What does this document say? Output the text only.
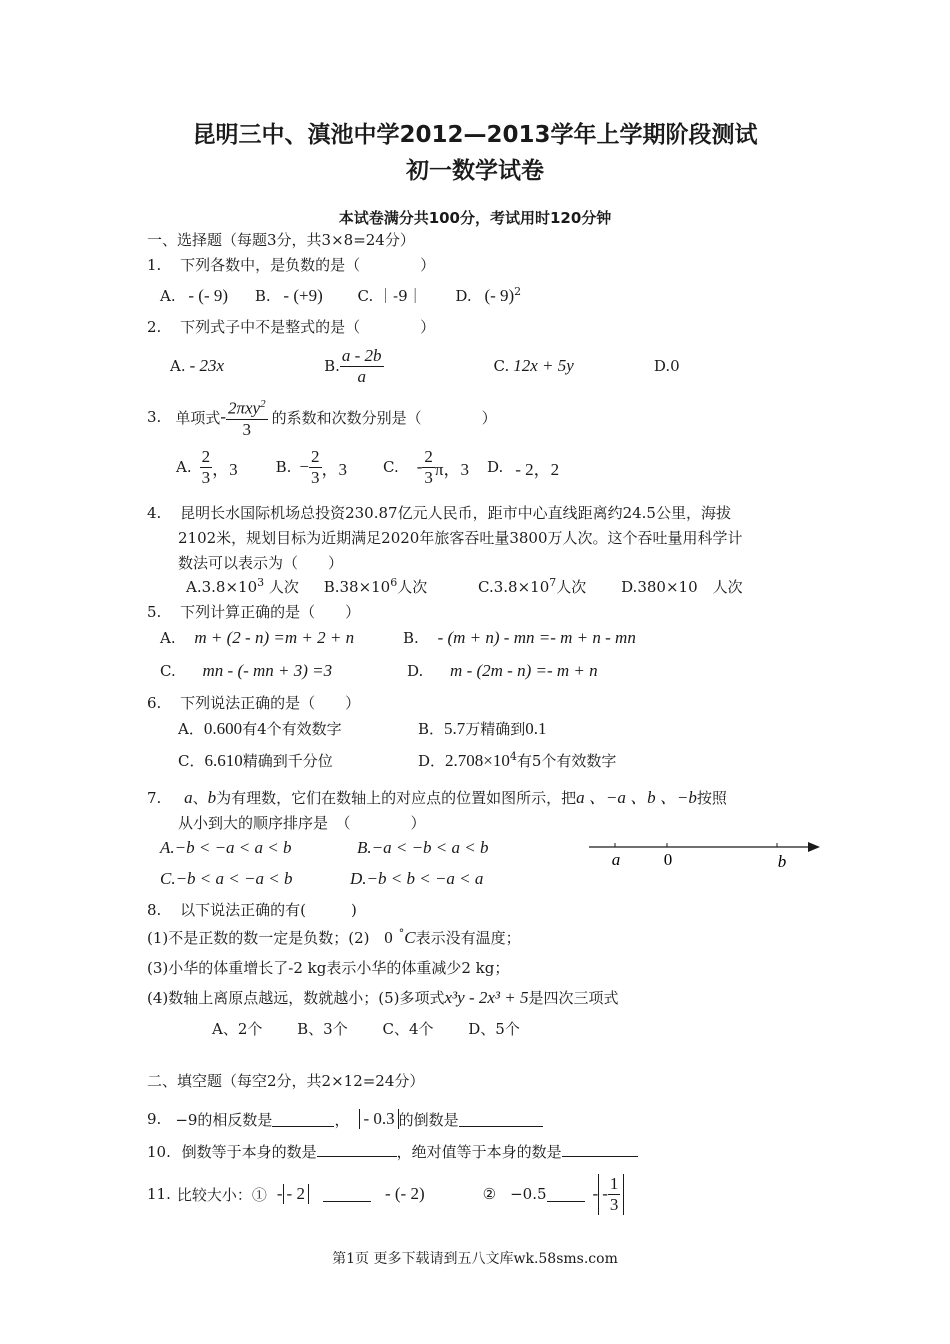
昆明三中、滇池中学2012—2013学年上学期阶段测试
初一数学试卷
本试卷满分共100分，考试用时120分钟
一、选择题（每题3分，共3×8=24分）
1. 下列各数中，是负数的是（　　　　）
A. - (- 9) B. - (+9) C. ｜-9｜ D. (- 9)$^2$
2. 下列式子中不是整式的是（　　　　）
A. - 23x	B. $\frac{a - 2b}{a}$	C. 12x + 5y	D.0
3. 单项式 - $\frac{2\pi xy^2}{3}$ 的系数和次数分别是（　　　　）
A. $\frac{2}{3}$ ，3	B. − $\frac{2}{3}$ ，3 C. - $\frac{2}{3}$ π，3 D. - 2，2
4. 昆明长水国际机场总投资230.87亿元人民币，距市中心直线距离约24.5公里，海拔
2102米，规划目标为近期满足2020年旅客吞吐量3800万人次。这个吞吐量用科学计
数法可以表示为（　　）
$A.3.8\times 10^3$ 人次 $B.38\times 10^6$人次	$C.3.8\times 10^7$人次 D.380×10　人次
5. 下列计算正确的是（　　）
A. m + (2 - n) =m + 2 + n	B. - (m + n) - mn =- m + n - mn
C. mn - (- mn + 3) =3	D. m - (2m - n) =- m + n
6. 下列说法正确的是（　　）
A．0.600有4个有效数字	B．5.7万精确到0.1
C．6.610精确到千分位	D．$2.708\times 10^4$有5个有效数字
7. a、b为有理数，它们在数轴上的对应点的位置如图所示，把a 、−a 、b 、−b按照
从小到大的顺序排序是　（　　　　）
A.−b < −a < a < b	B.−a < −b < a < b
C.−b < a < −a < b	D.−b < b < −a < a
a	0	b
8. 以下说法正确的有(　　　)
(1)不是正数的数一定是负数；(2) 0 °C表示没有温度；
(3)小华的体重增长了-2 kg表示小华的体重减少2 kg；
(4)数轴上离原点越远，数就越小；(5)多项式x³y - 2x³ + 5是四次三项式
A、2个　　 B、3个　　 C、4个　　 D、5个
二、填空题（每空2分，共2×12=24分）
9. −9的相反数是	， - 0.3 的倒数是
10. 倒数等于本身的数是	，绝对值等于本身的数是
11. 比较大小：① - - 2	- (- 2)	② −0.5	- - $\frac{1}{3}$
第1页 更多下载请到五八文库wk.58sms.com
